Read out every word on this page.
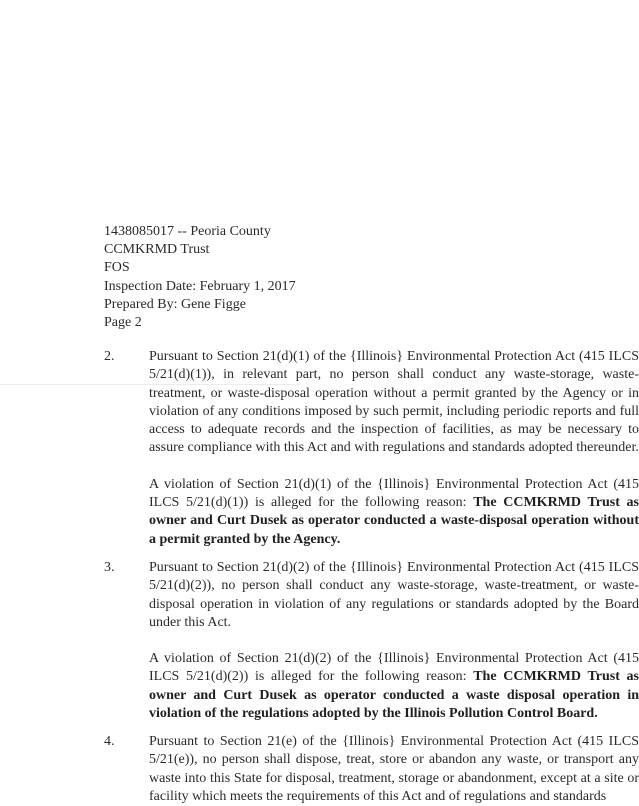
1438085017 -- Peoria County
CCMKRMD Trust
FOS
Inspection Date: February 1, 2017
Prepared By: Gene Figge
Page 2
2. Pursuant to Section 21(d)(1) of the {Illinois} Environmental Protection Act (415 ILCS 5/21(d)(1)), in relevant part, no person shall conduct any waste-storage, waste-treatment, or waste-disposal operation without a permit granted by the Agency or in violation of any conditions imposed by such permit, including periodic reports and full access to adequate records and the inspection of facilities, as may be necessary to assure compliance with this Act and with regulations and standards adopted thereunder.

A violation of Section 21(d)(1) of the {Illinois} Environmental Protection Act (415 ILCS 5/21(d)(1)) is alleged for the following reason: The CCMKRMD Trust as owner and Curt Dusek as operator conducted a waste-disposal operation without a permit granted by the Agency.

3. Pursuant to Section 21(d)(2) of the {Illinois} Environmental Protection Act (415 ILCS 5/21(d)(2)), no person shall conduct any waste-storage, waste-treatment, or waste- disposal operation in violation of any regulations or standards adopted by the Board under this Act.

A violation of Section 21(d)(2) of the {Illinois} Environmental Protection Act (415 ILCS 5/21(d)(2)) is alleged for the following reason: The CCMKRMD Trust as owner and Curt Dusek as operator conducted a waste disposal operation in violation of the regulations adopted by the Illinois Pollution Control Board.

4. Pursuant to Section 21(e) of the {Illinois} Environmental Protection Act (415 ILCS 5/21(e)), no person shall dispose, treat, store or abandon any waste, or transport any waste into this State for disposal, treatment, storage or abandonment, except at a site or facility which meets the requirements of this Act and of regulations and standards
